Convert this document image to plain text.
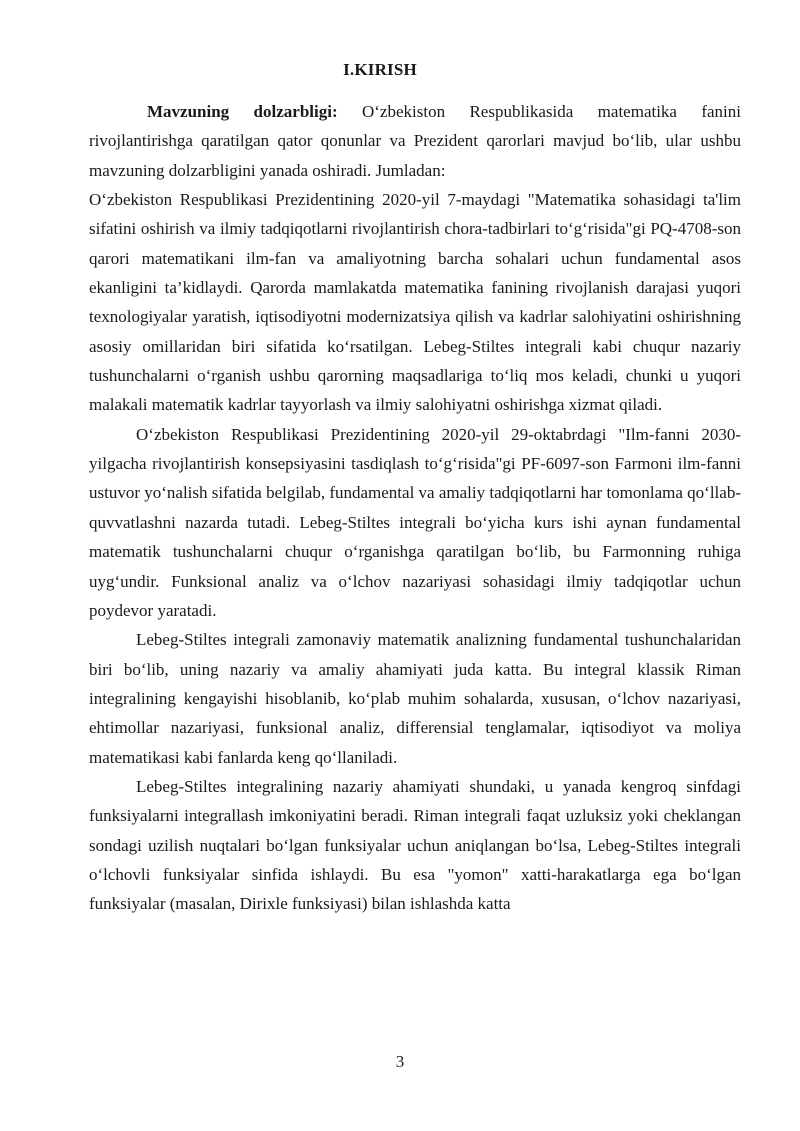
I.KIRISH

Mavzuning dolzarbligi: O‘zbekiston Respublikasida matematika fanini rivojlantirishga qaratilgan qator qonunlar va Prezident qarorlari mavjud bo‘lib, ular ushbu mavzuning dolzarbligini yanada oshiradi. Jumladan:

O‘zbekiston Respublikasi Prezidentining 2020-yil 7-maydagi "Matematika sohasidagi ta'lim sifatini oshirish va ilmiy tadqiqotlarni rivojlantirish chora-tadbirlari to‘g‘risida"gi PQ-4708-son qarori matematikani ilm-fan va amaliyotning barcha sohalari uchun fundamental asos ekanligini ta’kidlaydi. Qarorda mamlakatda matematika fanining rivojlanish darajasi yuqori texnologiyalar yaratish, iqtisodiyotni modernizatsiya qilish va kadrlar salohiyatini oshirishning asosiy omillaridan biri sifatida ko‘rsatilgan. Lebeg-Stiltes integrali kabi chuqur nazariy tushunchalarni o‘rganish ushbu qarorning maqsadlariga to‘liq mos keladi, chunki u yuqori malakali matematik kadrlar tayyorlash va ilmiy salohiyatni oshirishga xizmat qiladi.

O‘zbekiston Respublikasi Prezidentining 2020-yil 29-oktabrdagi "Ilm-fanni 2030-yilgacha rivojlantirish konsepsiyasini tasdiqlash to‘g‘risida"gi PF-6097-son Farmoni ilm-fanni ustuvor yo‘nalish sifatida belgilab, fundamental va amaliy tadqiqotlarni har tomonlama qo‘llab-quvvatlashni nazarda tutadi. Lebeg-Stiltes integrali bo‘yicha kurs ishi aynan fundamental matematik tushunchalarni chuqur o‘rganishga qaratilgan bo‘lib, bu Farmonning ruhiga uyg‘undir. Funksional analiz va o‘lchov nazariyasi sohasidagi ilmiy tadqiqotlar uchun poydevor yaratadi.

Lebeg-Stiltes integrali zamonaviy matematik analizning fundamental tushunchalaridan biri bo‘lib, uning nazariy va amaliy ahamiyati juda katta. Bu integral klassik Riman integralining kengayishi hisoblanib, ko‘plab muhim sohalarda, xususan, o‘lchov nazariyasi, ehtimollar nazariyasi, funksional analiz, differensial tenglamalar, iqtisodiyot va moliya matematikasi kabi fanlarda keng qo‘llaniladi.

Lebeg-Stiltes integralining nazariy ahamiyati shundaki, u yanada kengroq sinfdagi funksiyalarni integrallash imkoniyatini beradi. Riman integrali faqat uzluksiz yoki cheklangan sondagi uzilish nuqtalari bo‘lgan funksiyalar uchun aniqlangan bo‘lsa, Lebeg-Stiltes integrali o‘lchovli funksiyalar sinfida ishlaydi. Bu esa "yomon" xatti-harakatlarga ega bo‘lgan funksiyalar (masalan, Dirixle funksiyasi) bilan ishlashda katta

3
